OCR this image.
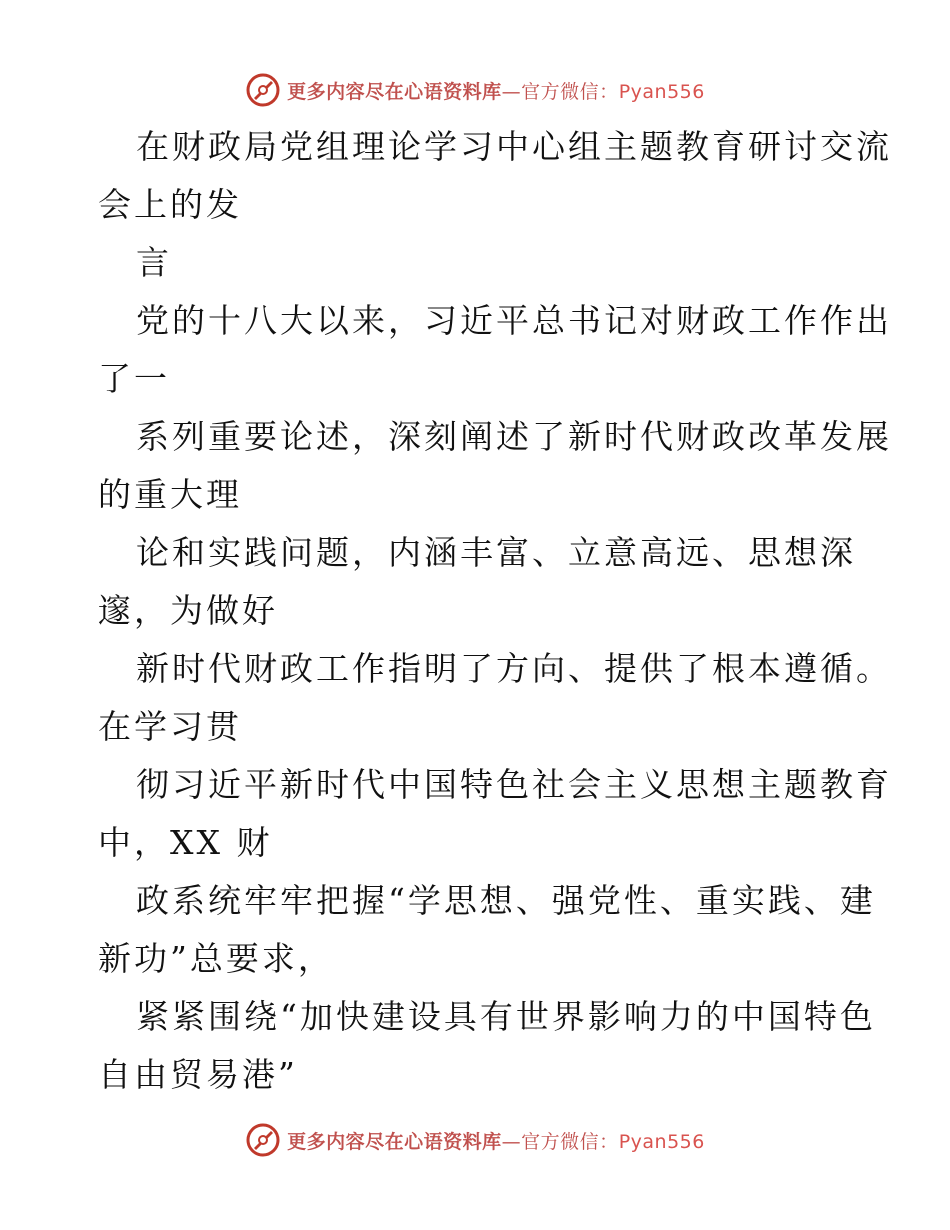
更多内容尽在心语资料库—官方微信：Pyan556
在财政局党组理论学习中心组主题教育研讨交流
会上的发
言
党的十八大以来，习近平总书记对财政工作作出
了一
系列重要论述，深刻阐述了新时代财政改革发展
的重大理
论和实践问题，内涵丰富、立意高远、思想深
邃，为做好
新时代财政工作指明了方向、提供了根本遵循。
在学习贯
彻习近平新时代中国特色社会主义思想主题教育
中，XX 财
政系统牢牢把握“学思想、强党性、重实践、建
新功”总要求，
紧紧围绕“加快建设具有世界影响力的中国特色
自由贸易港”
更多内容尽在心语资料库—官方微信：Pyan556
